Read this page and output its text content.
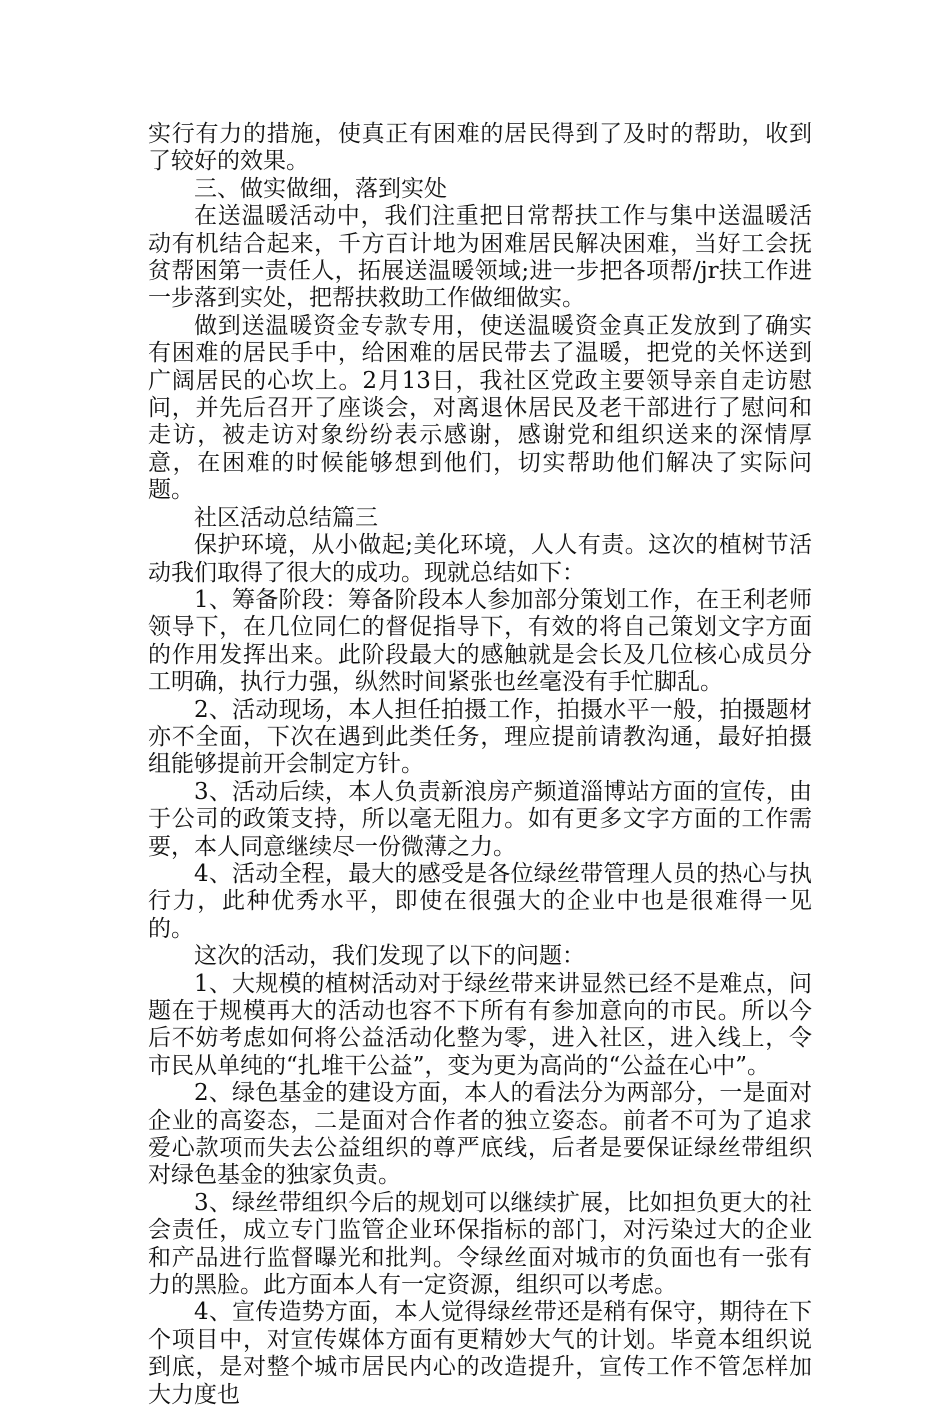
实行有力的措施，使真正有困难的居民得到了及时的帮助，收到了较好的效果。

三、做实做细，落到实处

在送温暖活动中，我们注重把日常帮扶工作与集中送温暖活动有机结合起来，千方百计地为困难居民解决困难，当好工会抚贫帮困第一责任人，拓展送温暖领域;进一步把各项帮/jr扶工作进一步落到实处，把帮扶救助工作做细做实。

做到送温暖资金专款专用，使送温暖资金真正发放到了确实有困难的居民手中，给困难的居民带去了温暖，把党的关怀送到广阔居民的心坎上。2月13日，我社区党政主要领导亲自走访慰问，并先后召开了座谈会，对离退休居民及老干部进行了慰问和走访，被走访对象纷纷表示感谢，感谢党和组织送来的深情厚意，在困难的时候能够想到他们，切实帮助他们解决了实际问题。

社区活动总结篇三

保护环境，从小做起;美化环境，人人有责。这次的植树节活动我们取得了很大的成功。现就总结如下：

1、筹备阶段：筹备阶段本人参加部分策划工作，在王利老师领导下，在几位同仁的督促指导下，有效的将自己策划文字方面的作用发挥出来。此阶段最大的感触就是会长及几位核心成员分工明确，执行力强，纵然时间紧张也丝毫没有手忙脚乱。

2、活动现场，本人担任拍摄工作，拍摄水平一般，拍摄题材亦不全面，下次在遇到此类任务，理应提前请教沟通，最好拍摄组能够提前开会制定方针。

3、活动后续，本人负责新浪房产频道淄博站方面的宣传，由于公司的政策支持，所以毫无阻力。如有更多文字方面的工作需要，本人同意继续尽一份微薄之力。

4、活动全程，最大的感受是各位绿丝带管理人员的热心与执行力，此种优秀水平，即使在很强大的企业中也是很难得一见的。

这次的活动，我们发现了以下的问题：

1、大规模的植树活动对于绿丝带来讲显然已经不是难点，问题在于规模再大的活动也容不下所有有参加意向的市民。所以今后不妨考虑如何将公益活动化整为零，进入社区，进入线上，令市民从单纯的“扎堆干公益”，变为更为高尚的“公益在心中”。

2、绿色基金的建设方面，本人的看法分为两部分，一是面对企业的高姿态，二是面对合作者的独立姿态。前者不可为了追求爱心款项而失去公益组织的尊严底线，后者是要保证绿丝带组织对绿色基金的独家负责。

3、绿丝带组织今后的规划可以继续扩展，比如担负更大的社会责任，成立专门监管企业环保指标的部门，对污染过大的企业和产品进行监督曝光和批判。令绿丝面对城市的负面也有一张有力的黑脸。此方面本人有一定资源，组织可以考虑。

4、宣传造势方面，本人觉得绿丝带还是稍有保守，期待在下个项目中，对宣传媒体方面有更精妙大气的计划。毕竟本组织说到底，是对整个城市居民内心的改造提升，宣传工作不管怎样加大力度也
